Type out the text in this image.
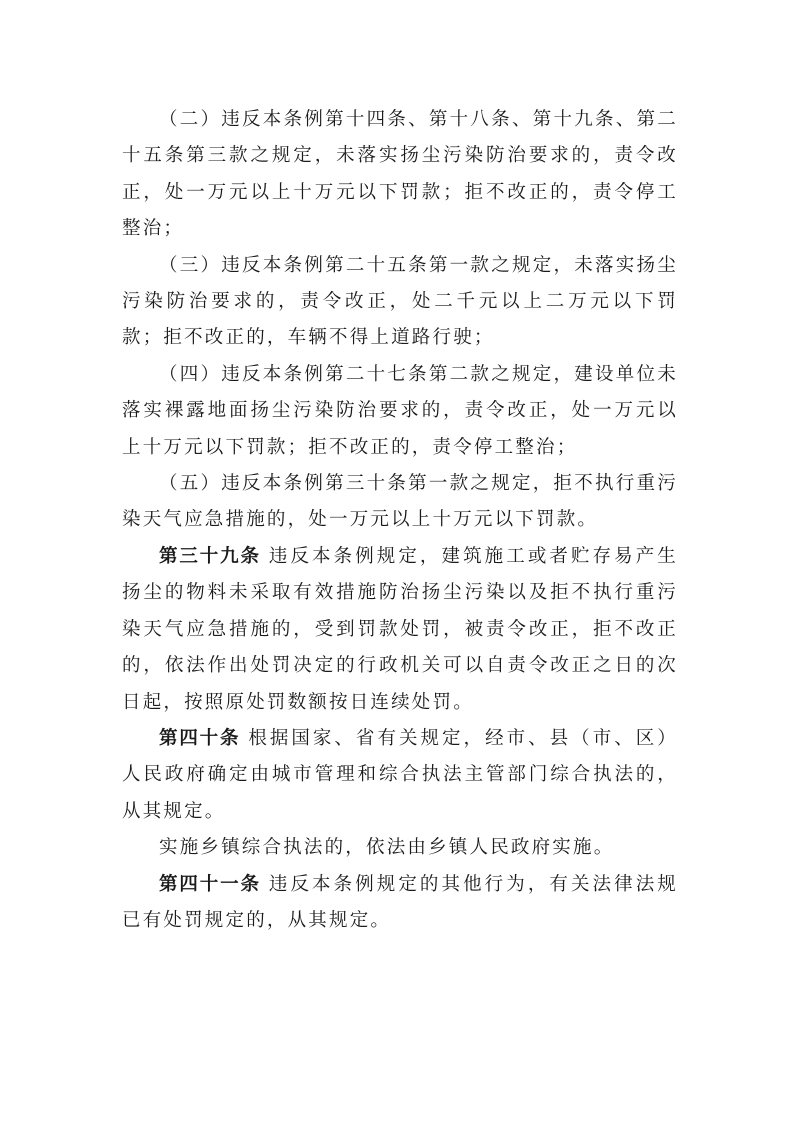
（二）违反本条例第十四条、第十八条、第十九条、第二十五条第三款之规定，未落实扬尘污染防治要求的，责令改正，处一万元以上十万元以下罚款；拒不改正的，责令停工整治；

（三）违反本条例第二十五条第一款之规定，未落实扬尘污染防治要求的，责令改正，处二千元以上二万元以下罚款；拒不改正的，车辆不得上道路行驶；

（四）违反本条例第二十七条第二款之规定，建设单位未落实裸露地面扬尘污染防治要求的，责令改正，处一万元以上十万元以下罚款；拒不改正的，责令停工整治；

（五）违反本条例第三十条第一款之规定，拒不执行重污染天气应急措施的，处一万元以上十万元以下罚款。

第三十九条 违反本条例规定，建筑施工或者贮存易产生扬尘的物料未采取有效措施防治扬尘污染以及拒不执行重污染天气应急措施的，受到罚款处罚，被责令改正，拒不改正的，依法作出处罚决定的行政机关可以自责令改正之日的次日起，按照原处罚数额按日连续处罚。

第四十条 根据国家、省有关规定，经市、县（市、区）人民政府确定由城市管理和综合执法主管部门综合执法的，从其规定。

实施乡镇综合执法的，依法由乡镇人民政府实施。

第四十一条 违反本条例规定的其他行为，有关法律法规已有处罚规定的，从其规定。
